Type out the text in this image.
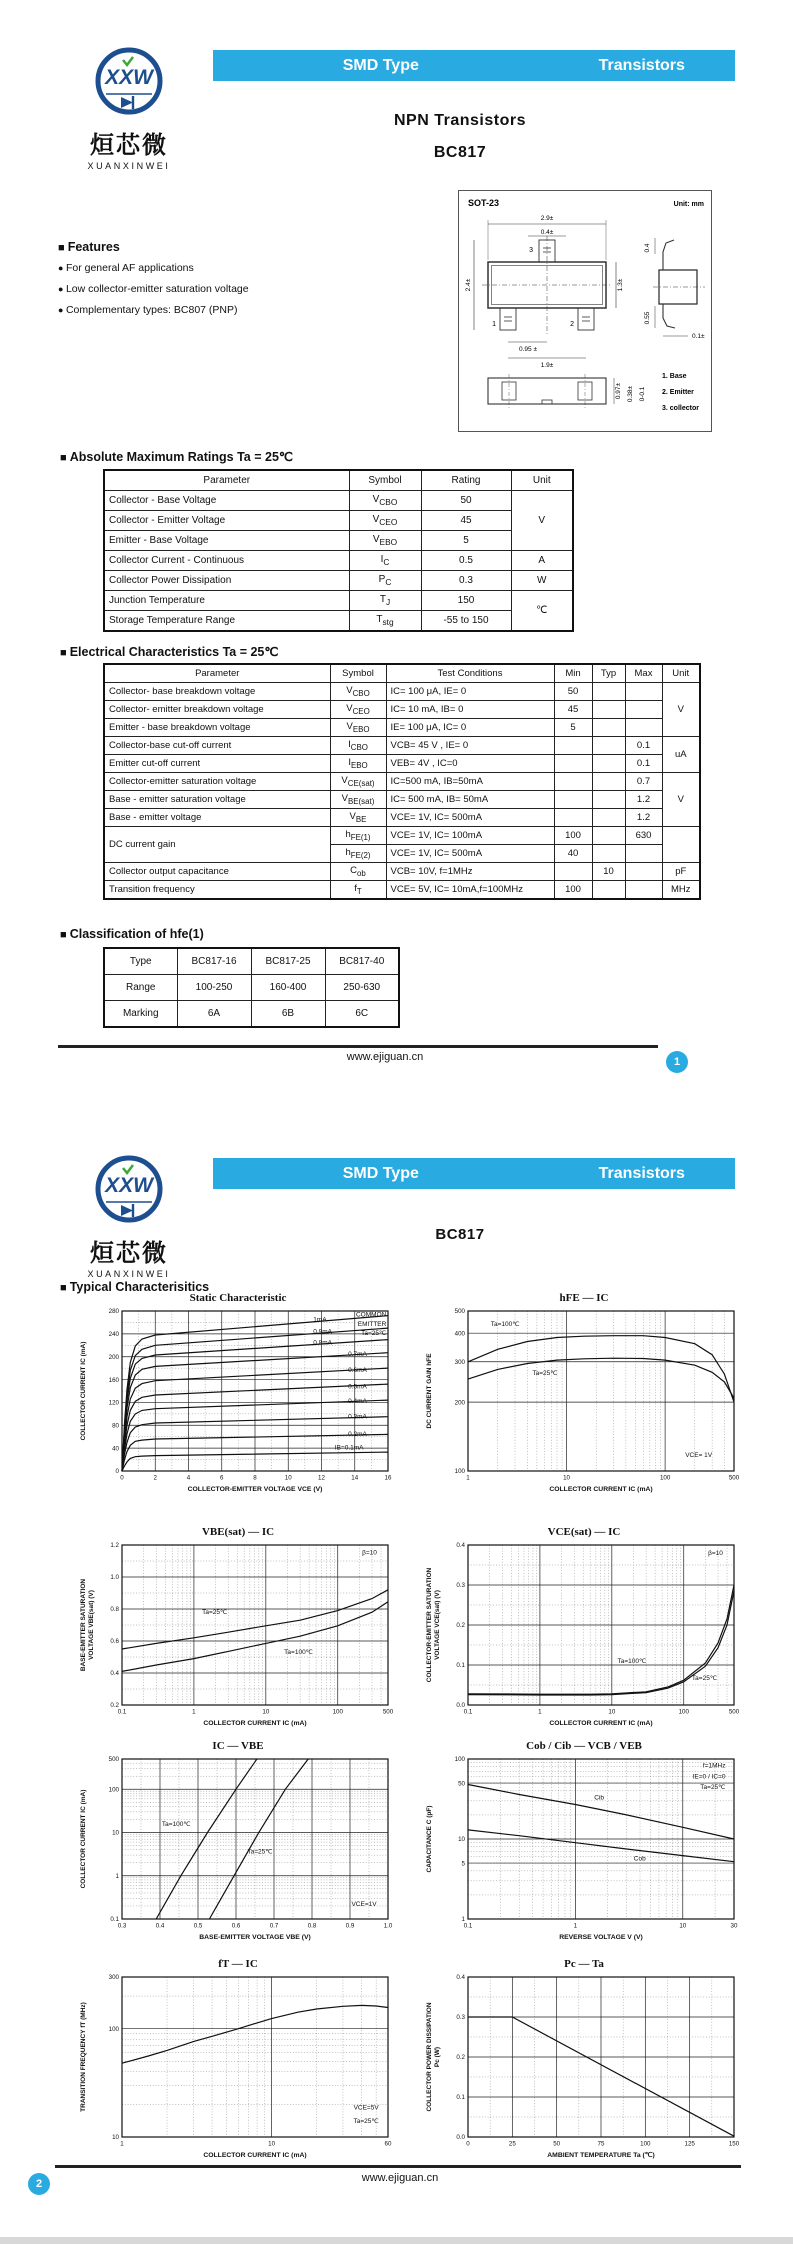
XXW
烜芯微
XUANXINWEI
SMD Type	Transistors
NPN Transistors
BC817
■ Features
● For general AF applications
● Low collector-emitter saturation voltage
● Complementary types: BC807 (PNP)
SOT-23	Unit: mm
2.9±
0.4±
2.4±	1.3±
0.95 ±
1.9±
3
1	2
0.4
0.55
0.1±
0.97± 0.38± 0-0.1
1. Base
2. Emitter
3. collector
■ Absolute Maximum Ratings Ta = 25℃
Parameter	Symbol	Rating	Unit
Collector - Base Voltage	$V_{CBO}$	50	V
Collector - Emitter Voltage	$V_{CEO}$	45	
Emitter - Base Voltage	$V_{EBO}$	5	
Collector Current - Continuous	$I_C$	0.5	A
Collector Power Dissipation	$P_C$	0.3	W
Junction Temperature	$T_J$	150	℃
Storage Temperature Range	$T_{stg}$	-55 to 150	
■ Electrical Characteristics Ta = 25℃
Parameter	Symbol	Test Conditions	Min	Typ	Max	Unit
Collector- base breakdown voltage	$V_{CBO}$	IC= 100 μA, IE= 0	50			V
Collector- emitter breakdown voltage	$V_{CEO}$	IC= 10 mA, IB= 0	45			
Emitter - base breakdown voltage	$V_{EBO}$	IE= 100 μA, IC= 0	5			
Collector-base cut-off current	$I_{CBO}$	VCB= 45 V , IE= 0			0.1	uA
Emitter cut-off current	$I_{EBO}$	VEB= 4V , IC=0			0.1	
Collector-emitter saturation voltage	$V_{CE(sat)}$	IC=500 mA, IB=50mA			0.7	V
Base - emitter saturation voltage	$V_{BE(sat)}$	IC= 500 mA, IB= 50mA			1.2	
Base - emitter voltage	$V_{BE}$	VCE= 1V, IC= 500mA			1.2	
DC current gain	$h_{FE(1)}$	VCE= 1V, IC= 100mA	100		630	
	$h_{FE(2)}$	VCE= 1V, IC= 500mA	40			
Collector output capacitance	$C_{ob}$	VCB= 10V, f=1MHz		10		pF
Transition frequency	$f_T$	VCE= 5V, IC= 10mA,f=100MHz	100			MHz
■ Classification of hfe(1)
Type	BC817-16	BC817-25	BC817-40
Range	100-250	160-400	250-630
Marking	6A	6B	6C
www.ejiguan.cn	1
XXW
烜芯微
XUANXINWEI
SMD Type	Transistors
BC817
■ Typical Characterisitics
Static Characteristic
0	2	4	6	8	10	12	14	16
0
40
80
120
160
200
240
280
1mA
0.9mA
0.8mA
0.7mA
0.6mA
0.5mA
0.4mA
0.3mA
0.2mA
IB=0.1mA
COMMON
EMITTER
Ta=25℃
COLLECTOR-EMITTER VOLTAGE VCE (V)
COLLECTOR CURRENT IC (mA)
hFE — IC
1	10	100	500
100
200
300
400
500
Ta=100℃
Ta=25℃
VCE= 1V
COLLECTOR CURRENT IC (mA)
DC CURRENT GAIN hFE
VBE(sat) — IC
0.1	1	10	100	500
0.2
0.4
0.6
0.8
1.0
1.2
Ta=25℃
Ta=100℃
β=10
COLLECTOR CURRENT IC (mA)
BASE-EMITTER SATURATION VOLTAGE VBE(sat) (V)
VCE(sat) — IC
0.1	1	10	100	500
0.0
0.1
0.2
0.3
0.4
Ta=100℃
Ta=25℃
β=10
COLLECTOR CURRENT IC (mA)
COLLECTOR-EMITTER SATURATION VOLTAGE VCE(sat) (V)
IC — VBE
0.3	0.4	0.5	0.6	0.7	0.8	0.9	1.0
0.1
1
10
100
500
Ta=100℃
Ta=25℃
VCE=1V
BASE-EMITTER VOLTAGE VBE (V)
COLLECTOR CURRENT IC (mA)
Cob / Cib — VCB / VEB
0.1	1	10	30
1
5
10
50
100
Cib
Cob
f=1MHz
IE=0 / IC=0
Ta=25℃
REVERSE VOLTAGE V (V)
CAPACITANCE C (pF)
fT — IC
1	10	60
10
100
300
VCE=5V
Ta=25℃
COLLECTOR CURRENT IC (mA)
TRANSITION FREQUENCY fT (MHz)
Pc — Ta
0	25	50	75	100	125	150
0.0
0.1
0.2
0.3
0.4
AMBIENT TEMPERATURE Ta (℃)
COLLECTOR POWER DISSIPATION Pc (W)
www.ejiguan.cn
2
